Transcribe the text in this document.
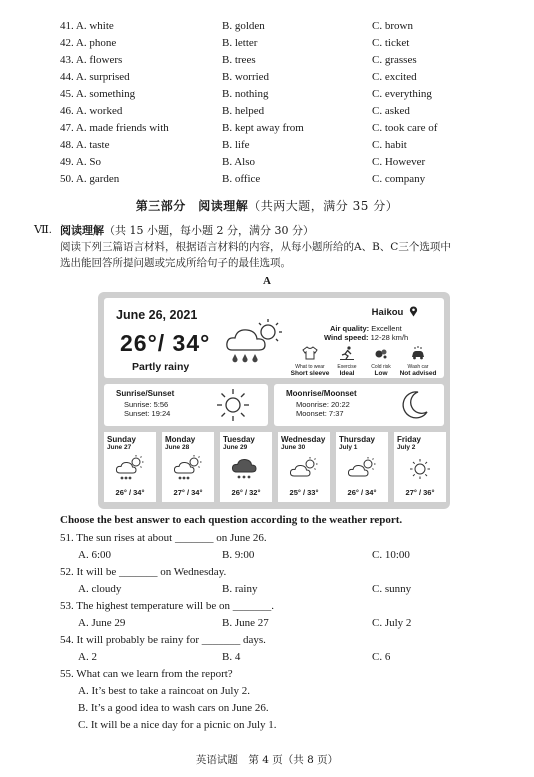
41. A. white	B. golden	C. brown
42. A. phone	B. letter	C. ticket
43. A. flowers	B. trees	C. grasses
44. A. surprised	B. worried	C. excited
45. A. something	B. nothing	C. everything
46. A. worked	B. helped	C. asked
47. A. made friends with	B. kept away from	C. took care of
48. A. taste	B. life	C. habit
49. A. So	B. Also	C. However
50. A. garden	B. office	C. company
第三部分　阅读理解（共两大题，满分 35 分）
Ⅶ. 阅读理解（共 15 小题，每小题 2 分，满分 30 分）
阅读下列三篇语言材料，根据语言材料的内容，从每小题所给的A、B、C三个选项中
选出能回答所提问题或完成所给句子的最佳选项。
A
June 26, 2021
26°/ 34°
Partly rainy
Haikou
Air quality: Excellent
Wind speed: 12-28 km/h
What to wear
Short sleeve
Exercise
Ideal
Cold risk
Low
Wash car
Not advised
Sunrise/Sunset
Sunrise: 5:56
Sunset: 19:24
Moonrise/Moonset
Moonrise: 20:22
Moonset: 7:37
Sunday
June 27
26° / 34°
Monday
June 28
27° / 34°
Tuesday
June 29
26° / 32°
Wednesday
June 30
25° / 33°
Thursday
July 1
26° / 34°
Friday
July 2
27° / 36°
Choose the best answer to each question according to the weather report.
51. The sun rises at about _______ on June 26.
A. 6:00	B. 9:00	C. 10:00
52. It will be _______ on Wednesday.
A. cloudy	B. rainy	C. sunny
53. The highest temperature will be on _______.
A. June 29	B. June 27	C. July 2
54. It will probably be rainy for _______ days.
A. 2	B. 4	C. 6
55. What can we learn from the report?
A. It’s best to take a raincoat on July 2.
B. It’s a good idea to wash cars on June 26.
C. It will be a nice day for a picnic on July 1.
英语试题　第 4 页（共 8 页）
